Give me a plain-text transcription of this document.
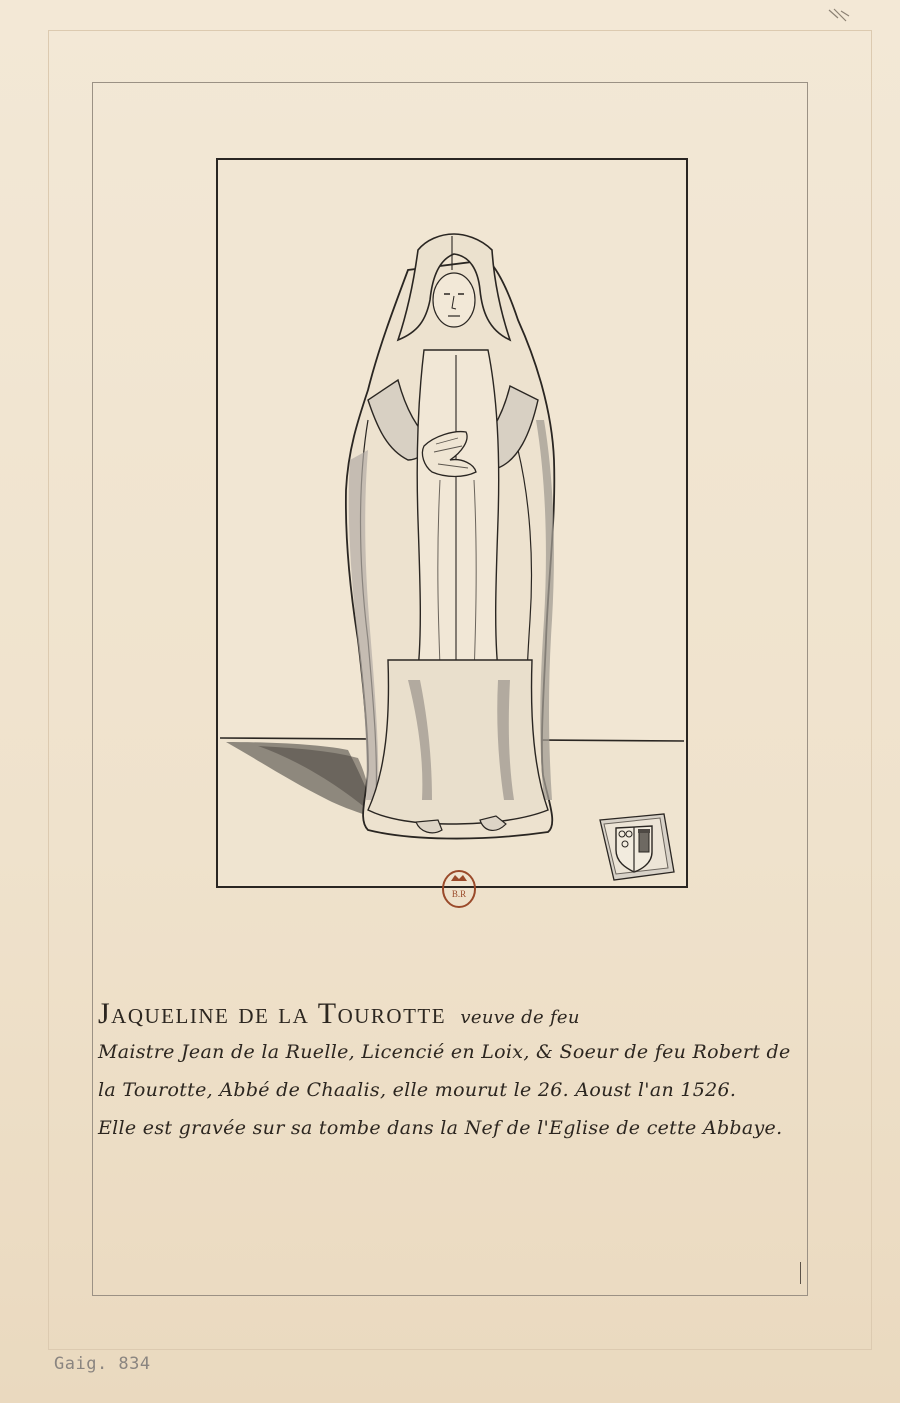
B.R
Jaqueline de la Tourotte veuve de feu
Maistre Jean de la Ruelle, Licencié en Loix, & Soeur de feu Robert de
la Tourotte, Abbé de Chaalis, elle mourut le 26. Aoust l'an 1526.
Elle est gravée sur sa tombe dans la Nef de l'Eglise de cette Abbaye.
Gaig. 834
